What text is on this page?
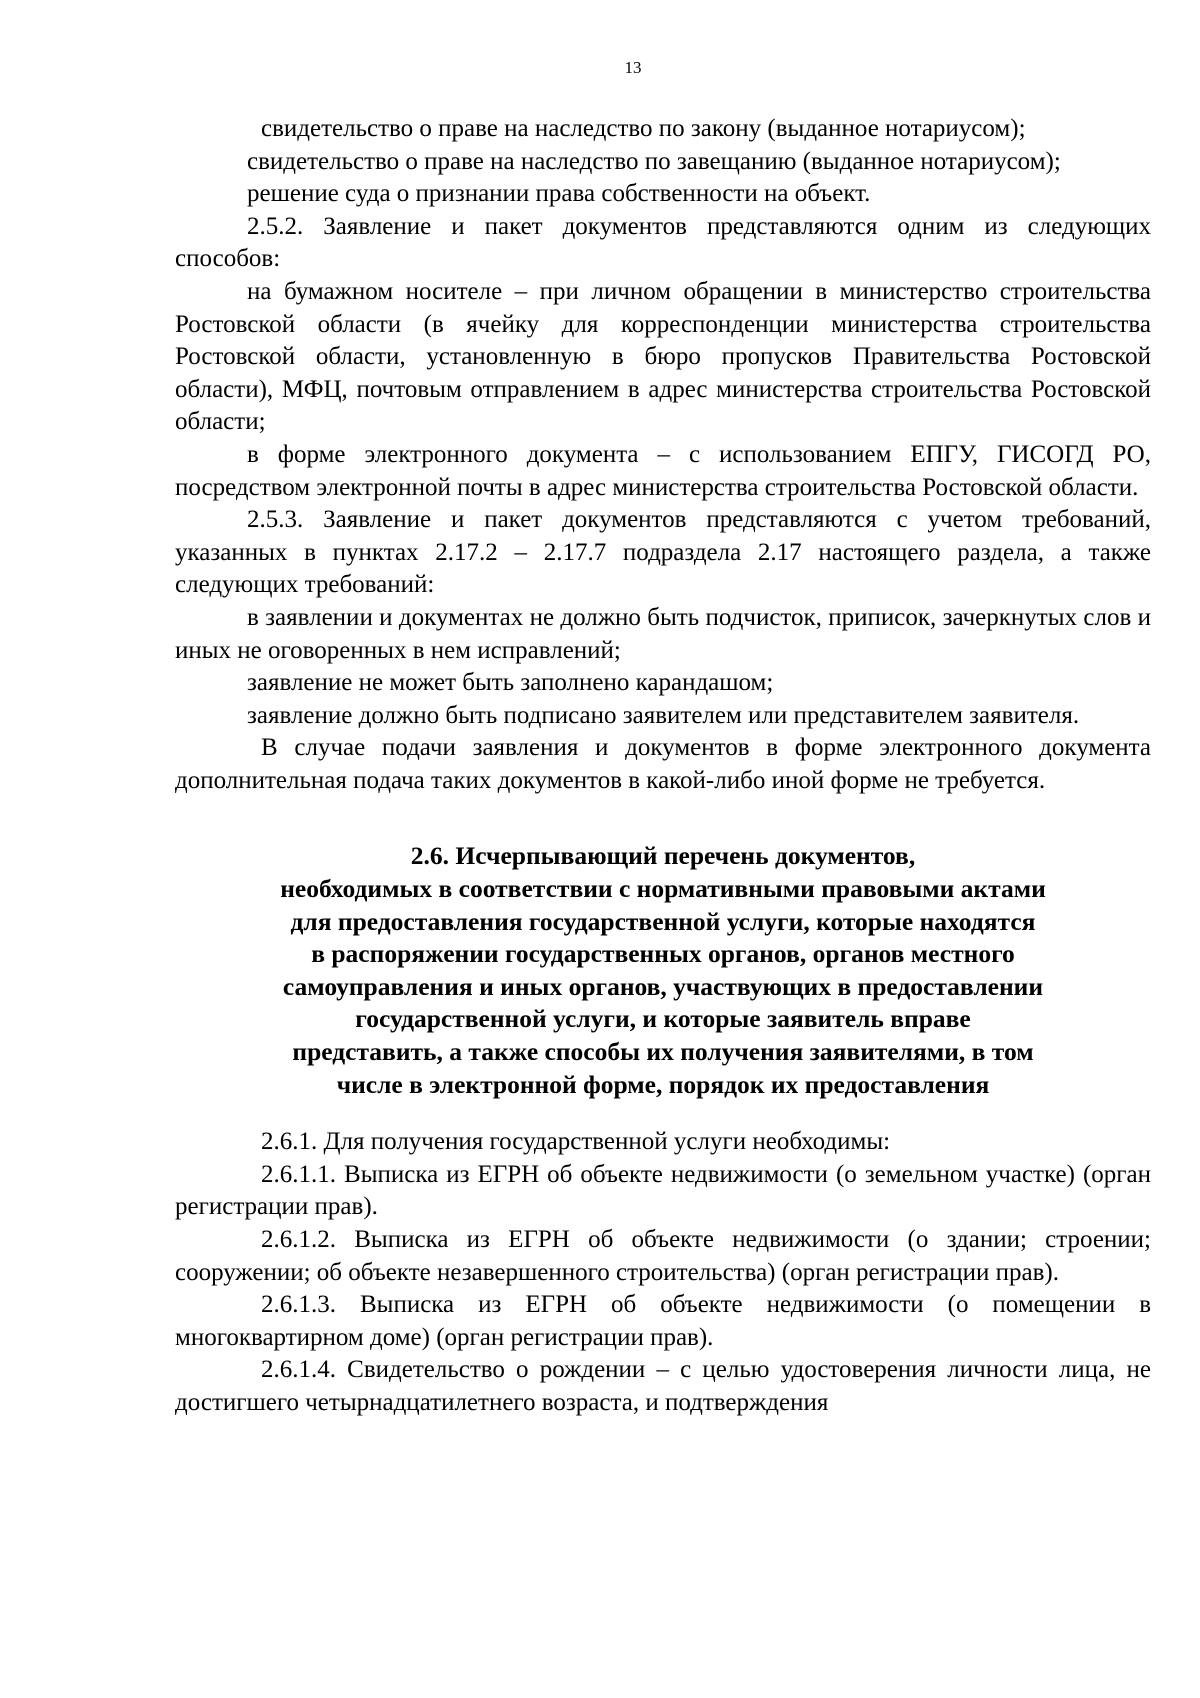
13

свидетельство о праве на наследство по закону (выданное нотариусом);

свидетельство о праве на наследство по завещанию (выданное нотариусом);

решение суда о признании права собственности на объект.

2.5.2. Заявление и пакет документов представляются одним из следующих способов:

на бумажном носителе – при личном обращении в министерство строительства Ростовской области (в ячейку для корреспонденции министерства строительства Ростовской области, установленную в бюро пропусков Правительства Ростовской области), МФЦ, почтовым отправлением в адрес министерства строительства Ростовской области;

в форме электронного документа – с использованием ЕПГУ, ГИСОГД РО, посредством электронной почты в адрес министерства строительства Ростовской области.

2.5.3. Заявление и пакет документов представляются с учетом требований, указанных в пунктах 2.17.2 – 2.17.7 подраздела 2.17 настоящего раздела, а также следующих требований:

в заявлении и документах не должно быть подчисток, приписок, зачеркнутых слов и иных не оговоренных в нем исправлений;

заявление не может быть заполнено карандашом;

заявление должно быть подписано заявителем или представителем заявителя.

В случае подачи заявления и документов в форме электронного документа дополнительная подача таких документов в какой-либо иной форме не требуется.

2.6. Исчерпывающий перечень документов,

необходимых в соответствии с нормативными правовыми актами

для предоставления государственной услуги, которые находятся

в распоряжении государственных органов, органов местного

самоуправления и иных органов, участвующих в предоставлении

государственной услуги, и которые заявитель вправе

представить, а также способы их получения заявителями, в том

числе в электронной форме, порядок их предоставления

2.6.1. Для получения государственной услуги необходимы:

2.6.1.1. Выписка из ЕГРН об объекте недвижимости (о земельном участке) (орган регистрации прав).

2.6.1.2. Выписка из ЕГРН об объекте недвижимости (о здании; строении; сооружении; об объекте незавершенного строительства) (орган регистрации прав).

2.6.1.3. Выписка из ЕГРН об объекте недвижимости (о помещении в многоквартирном доме) (орган регистрации прав).

2.6.1.4. Свидетельство о рождении – с целью удостоверения личности лица, не достигшего четырнадцатилетнего возраста, и подтверждения
